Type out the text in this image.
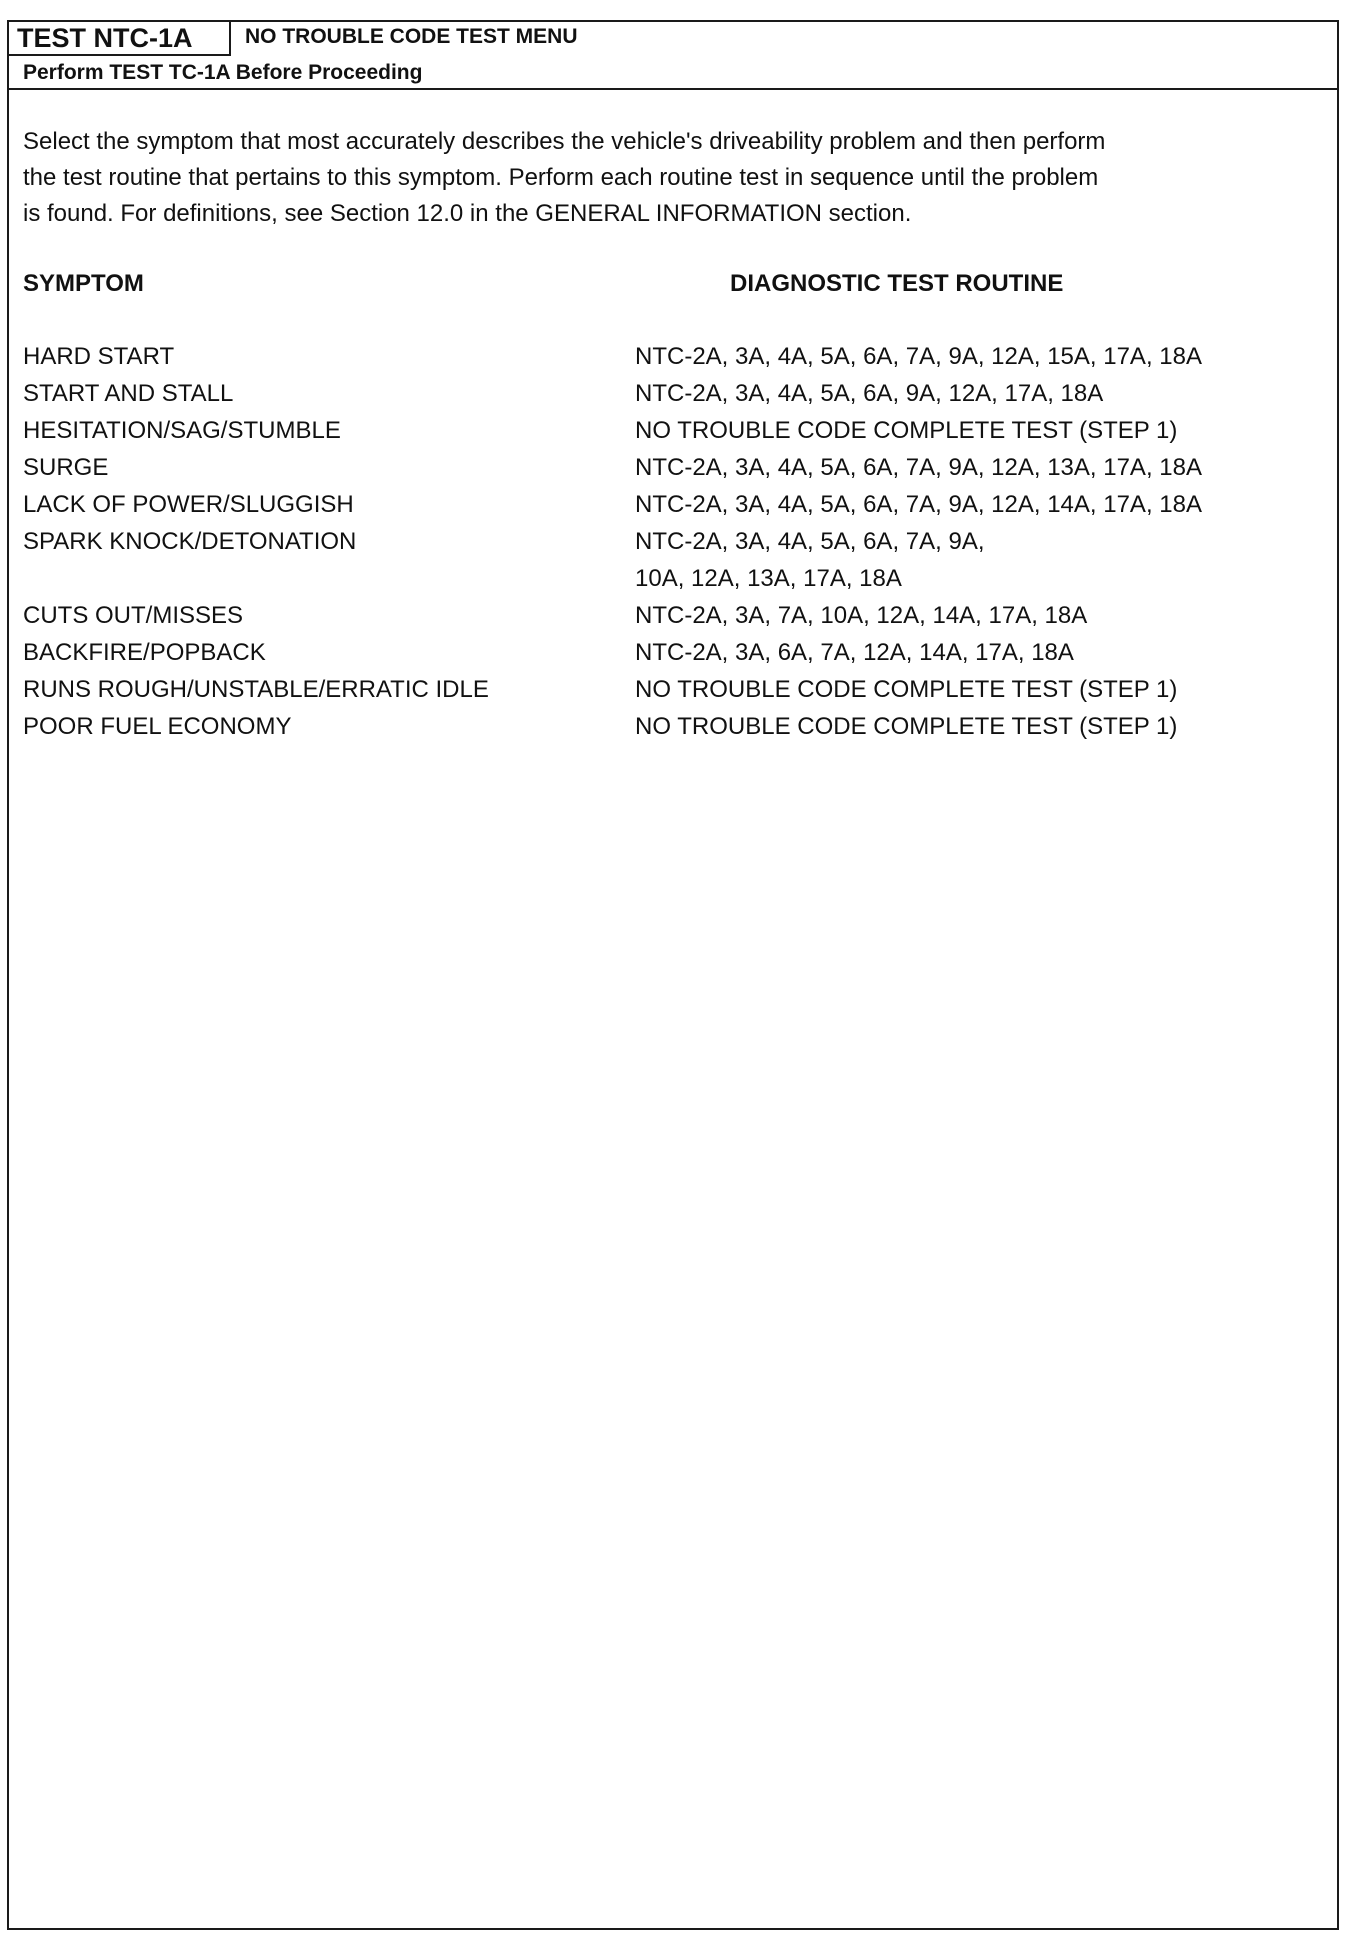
TEST NTC-1A	NO TROUBLE CODE TEST MENU
Perform TEST TC-1A Before Proceeding
Select the symptom that most accurately describes the vehicle's driveability problem and then perform
the test routine that pertains to this symptom. Perform each routine test in sequence until the problem
is found. For definitions, see Section 12.0 in the GENERAL INFORMATION section.
SYMPTOM	DIAGNOSTIC TEST ROUTINE
HARD START	NTC-2A, 3A, 4A, 5A, 6A, 7A, 9A, 12A, 15A, 17A, 18A
START AND STALL	NTC-2A, 3A, 4A, 5A, 6A, 9A, 12A, 17A, 18A
HESITATION/SAG/STUMBLE	NO TROUBLE CODE COMPLETE TEST (STEP 1)
SURGE	NTC-2A, 3A, 4A, 5A, 6A, 7A, 9A, 12A, 13A, 17A, 18A
LACK OF POWER/SLUGGISH	NTC-2A, 3A, 4A, 5A, 6A, 7A, 9A, 12A, 14A, 17A, 18A
SPARK KNOCK/DETONATION	NTC-2A, 3A, 4A, 5A, 6A, 7A, 9A,
10A, 12A, 13A, 17A, 18A
CUTS OUT/MISSES	NTC-2A, 3A, 7A, 10A, 12A, 14A, 17A, 18A
BACKFIRE/POPBACK	NTC-2A, 3A, 6A, 7A, 12A, 14A, 17A, 18A
RUNS ROUGH/UNSTABLE/ERRATIC IDLE	NO TROUBLE CODE COMPLETE TEST (STEP 1)
POOR FUEL ECONOMY	NO TROUBLE CODE COMPLETE TEST (STEP 1)
